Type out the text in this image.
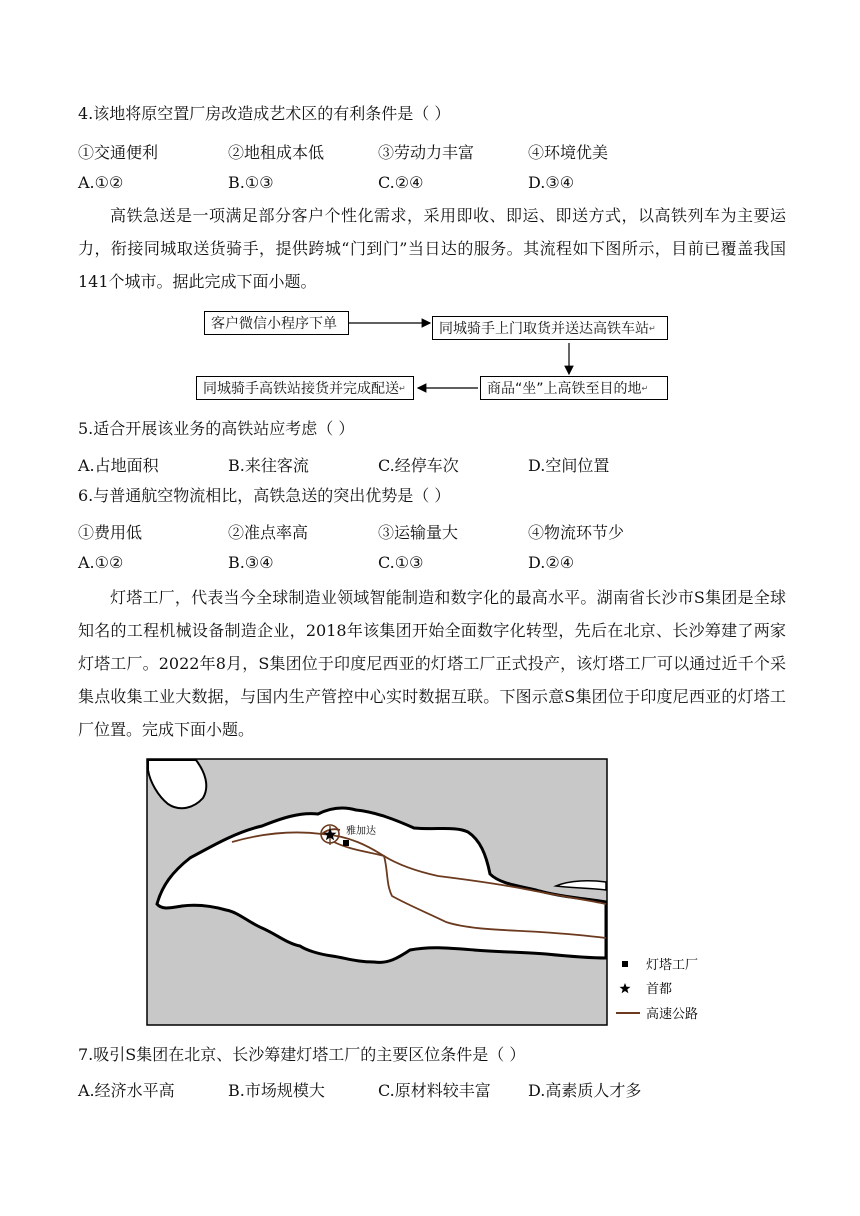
4.该地将原空置厂房改造成艺术区的有利条件是（ ）
①交通便利	②地租成本低	③劳动力丰富	④环境优美
A.①②	B.①③	C.②④	D.③④

高铁急送是一项满足部分客户个性化需求，采用即收、即运、即送方式，以高铁列车为主要运力，衔接同城取送货骑手，提供跨城“门到门”当日达的服务。其流程如下图所示，目前已覆盖我国141个城市。据此完成下面小题。

客户微信小程序下单	同城骑手上门取货并送达高铁车站↵
商品“坐”上高铁至目的地↵
同城骑手高铁站接货并完成配送↵
5.适合开展该业务的高铁站应考虑（ ）
A.占地面积	B.来往客流	C.经停车次	D.空间位置
6.与普通航空物流相比，高铁急送的突出优势是（ ）
①费用低	②准点率高	③运输量大	④物流环节少
A.①②	B.③④	C.①③	D.②④

灯塔工厂，代表当今全球制造业领域智能制造和数字化的最高水平。湖南省长沙市S集团是全球知名的工程机械设备制造企业，2018年该集团开始全面数字化转型，先后在北京、长沙筹建了两家灯塔工厂。2022年8月，S集团位于印度尼西亚的灯塔工厂正式投产，该灯塔工厂可以通过近千个采集点收集工业大数据，与国内生产管控中心实时数据互联。下图示意S集团位于印度尼西亚的灯塔工厂位置。完成下面小题。

雅加达
灯塔工厂
首都
高速公路
7.吸引S集团在北京、长沙筹建灯塔工厂的主要区位条件是（ ）
A.经济水平高	B.市场规模大	C.原材料较丰富 D.高素质人才多
